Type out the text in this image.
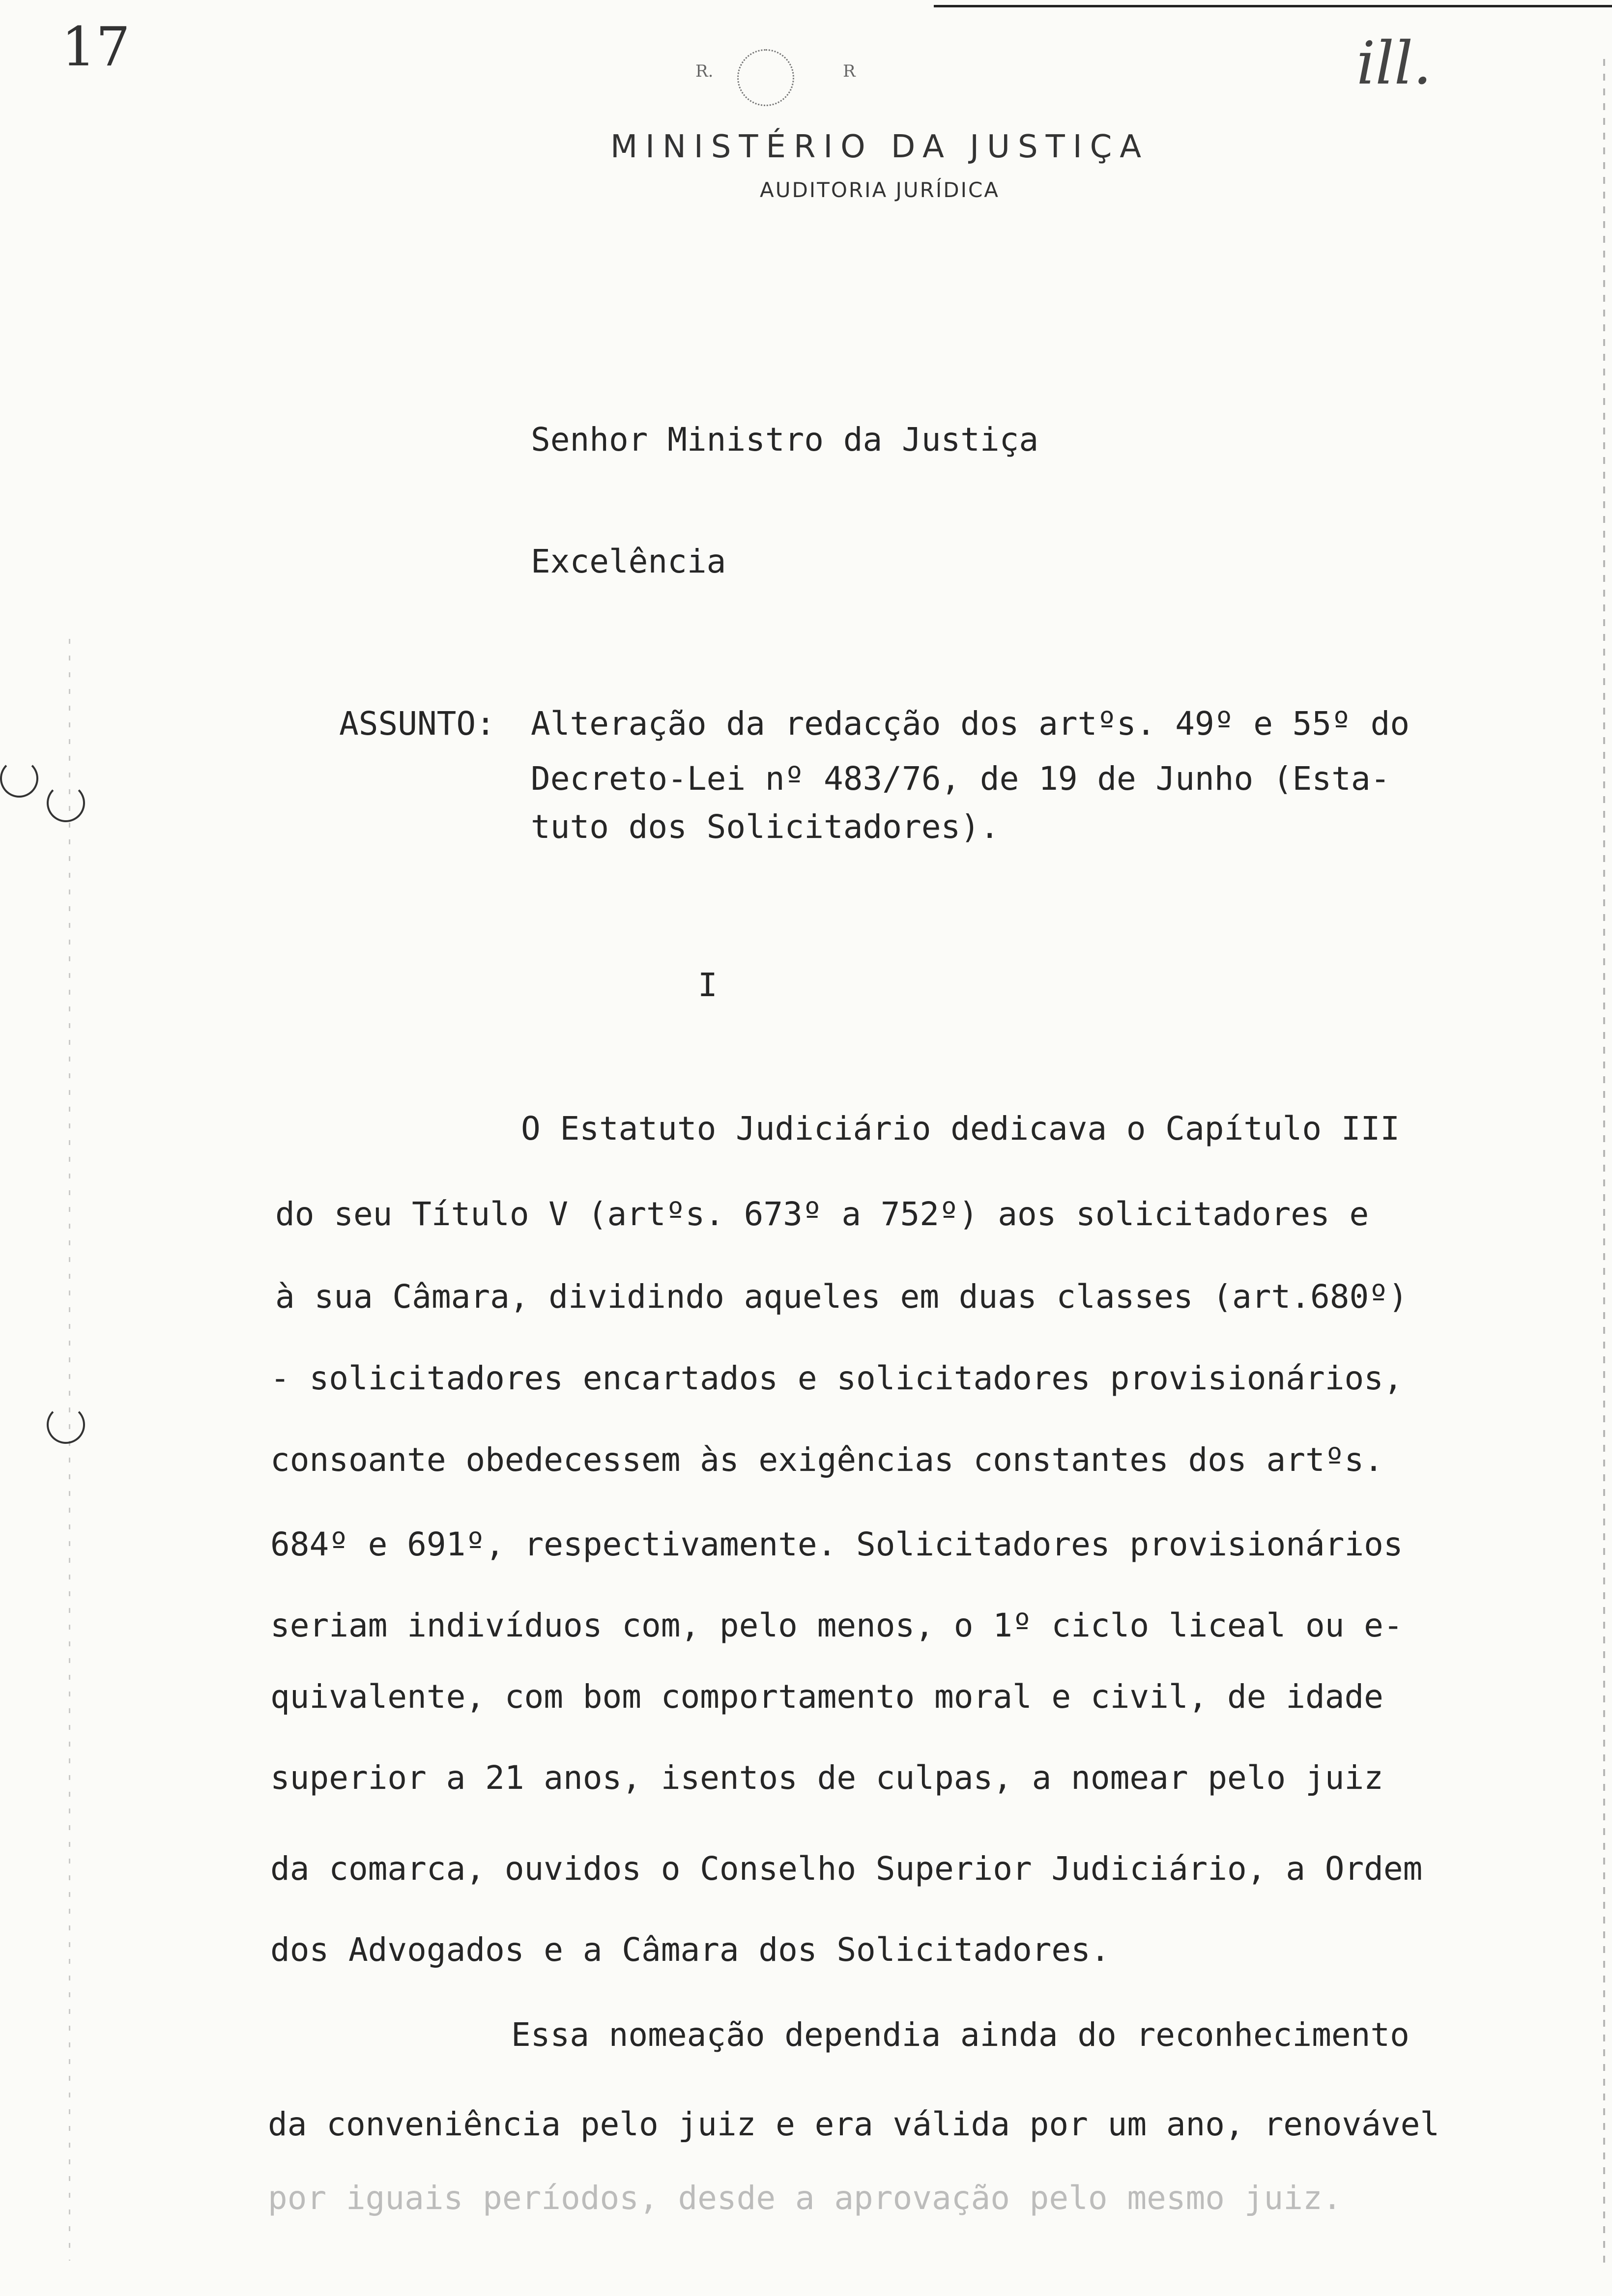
17	ill.
R.	R
MINISTÉRIO DA JUSTIÇA
AUDITORIA JURÍDICA
Senhor Ministro da Justiça
Excelência
ASSUNTO: Alteração da redacção dos artºs. 49º e 55º do
Decreto-Lei nº 483/76, de 19 de Junho (Esta-
tuto dos Solicitadores).
I
O Estatuto Judiciário dedicava o Capítulo III
do seu Título V (artºs. 673º a 752º) aos solicitadores e
à sua Câmara, dividindo aqueles em duas classes (art.680º)
- solicitadores encartados e solicitadores provisionários,
consoante obedecessem às exigências constantes dos artºs.
684º e 691º, respectivamente. Solicitadores provisionários
seriam indivíduos com, pelo menos, o 1º ciclo liceal ou e-
quivalente, com bom comportamento moral e civil, de idade
superior a 21 anos, isentos de culpas, a nomear pelo juiz
da comarca, ouvidos o Conselho Superior Judiciário, a Ordem
dos Advogados e a Câmara dos Solicitadores.
Essa nomeação dependia ainda do reconhecimento
da conveniência pelo juiz e era válida por um ano, renovável
por iguais períodos, desde a aprovação pelo mesmo juiz.
